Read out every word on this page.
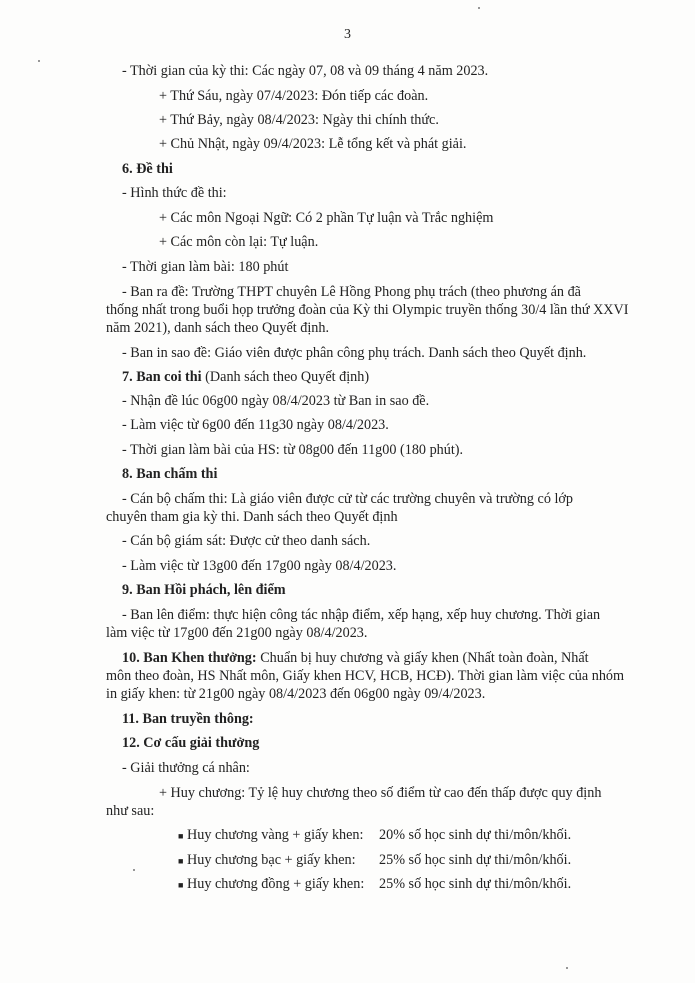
3
- Thời gian của kỳ thi: Các ngày 07, 08 và 09 tháng 4 năm 2023.
+ Thứ Sáu, ngày 07/4/2023: Đón tiếp các đoàn.
+ Thứ Bảy, ngày 08/4/2023: Ngày thi chính thức.
+ Chủ Nhật, ngày 09/4/2023: Lễ tổng kết và phát giải.
6. Đề thi
- Hình thức đề thi:
+ Các môn Ngoại Ngữ: Có 2 phần Tự luận và Trắc nghiệm
+ Các môn còn lại: Tự luận.
- Thời gian làm bài: 180 phút
- Ban ra đề: Trường THPT chuyên Lê Hồng Phong phụ trách (theo phương án đã
thống nhất trong buổi họp trưởng đoàn của Kỳ thi Olympic truyền thống 30/4 lần thứ XXVI
năm 2021), danh sách theo Quyết định.
- Ban in sao đề: Giáo viên được phân công phụ trách. Danh sách theo Quyết định.
7. Ban coi thi (Danh sách theo Quyết định)
- Nhận đề lúc 06g00 ngày 08/4/2023 từ Ban in sao đề.
- Làm việc từ 6g00 đến 11g30 ngày 08/4/2023.
- Thời gian làm bài của HS: từ 08g00 đến 11g00 (180 phút).
8. Ban chấm thi
- Cán bộ chấm thi: Là giáo viên được cử từ các trường chuyên và trường có lớp
chuyên tham gia kỳ thi. Danh sách theo Quyết định
- Cán bộ giám sát: Được cử theo danh sách.
- Làm việc từ 13g00 đến 17g00 ngày 08/4/2023.
9. Ban Hồi phách, lên điểm
- Ban lên điểm: thực hiện công tác nhập điểm, xếp hạng, xếp huy chương. Thời gian
làm việc từ 17g00 đến 21g00 ngày 08/4/2023.
10. Ban Khen thưởng: Chuẩn bị huy chương và giấy khen (Nhất toàn đoàn, Nhất
môn theo đoàn, HS Nhất môn, Giấy khen HCV, HCB, HCĐ). Thời gian làm việc của nhóm
in giấy khen: từ 21g00 ngày 08/4/2023 đến 06g00 ngày 09/4/2023.
11. Ban truyền thông:
12. Cơ cấu giải thưởng
- Giải thưởng cá nhân:
+ Huy chương: Tỷ lệ huy chương theo số điểm từ cao đến thấp được quy định
như sau:
■ Huy chương vàng + giấy khen: 20% số học sinh dự thi/môn/khối.
■ Huy chương bạc + giấy khen: 25% số học sinh dự thi/môn/khối.
■ Huy chương đồng + giấy khen: 25% số học sinh dự thi/môn/khối.
